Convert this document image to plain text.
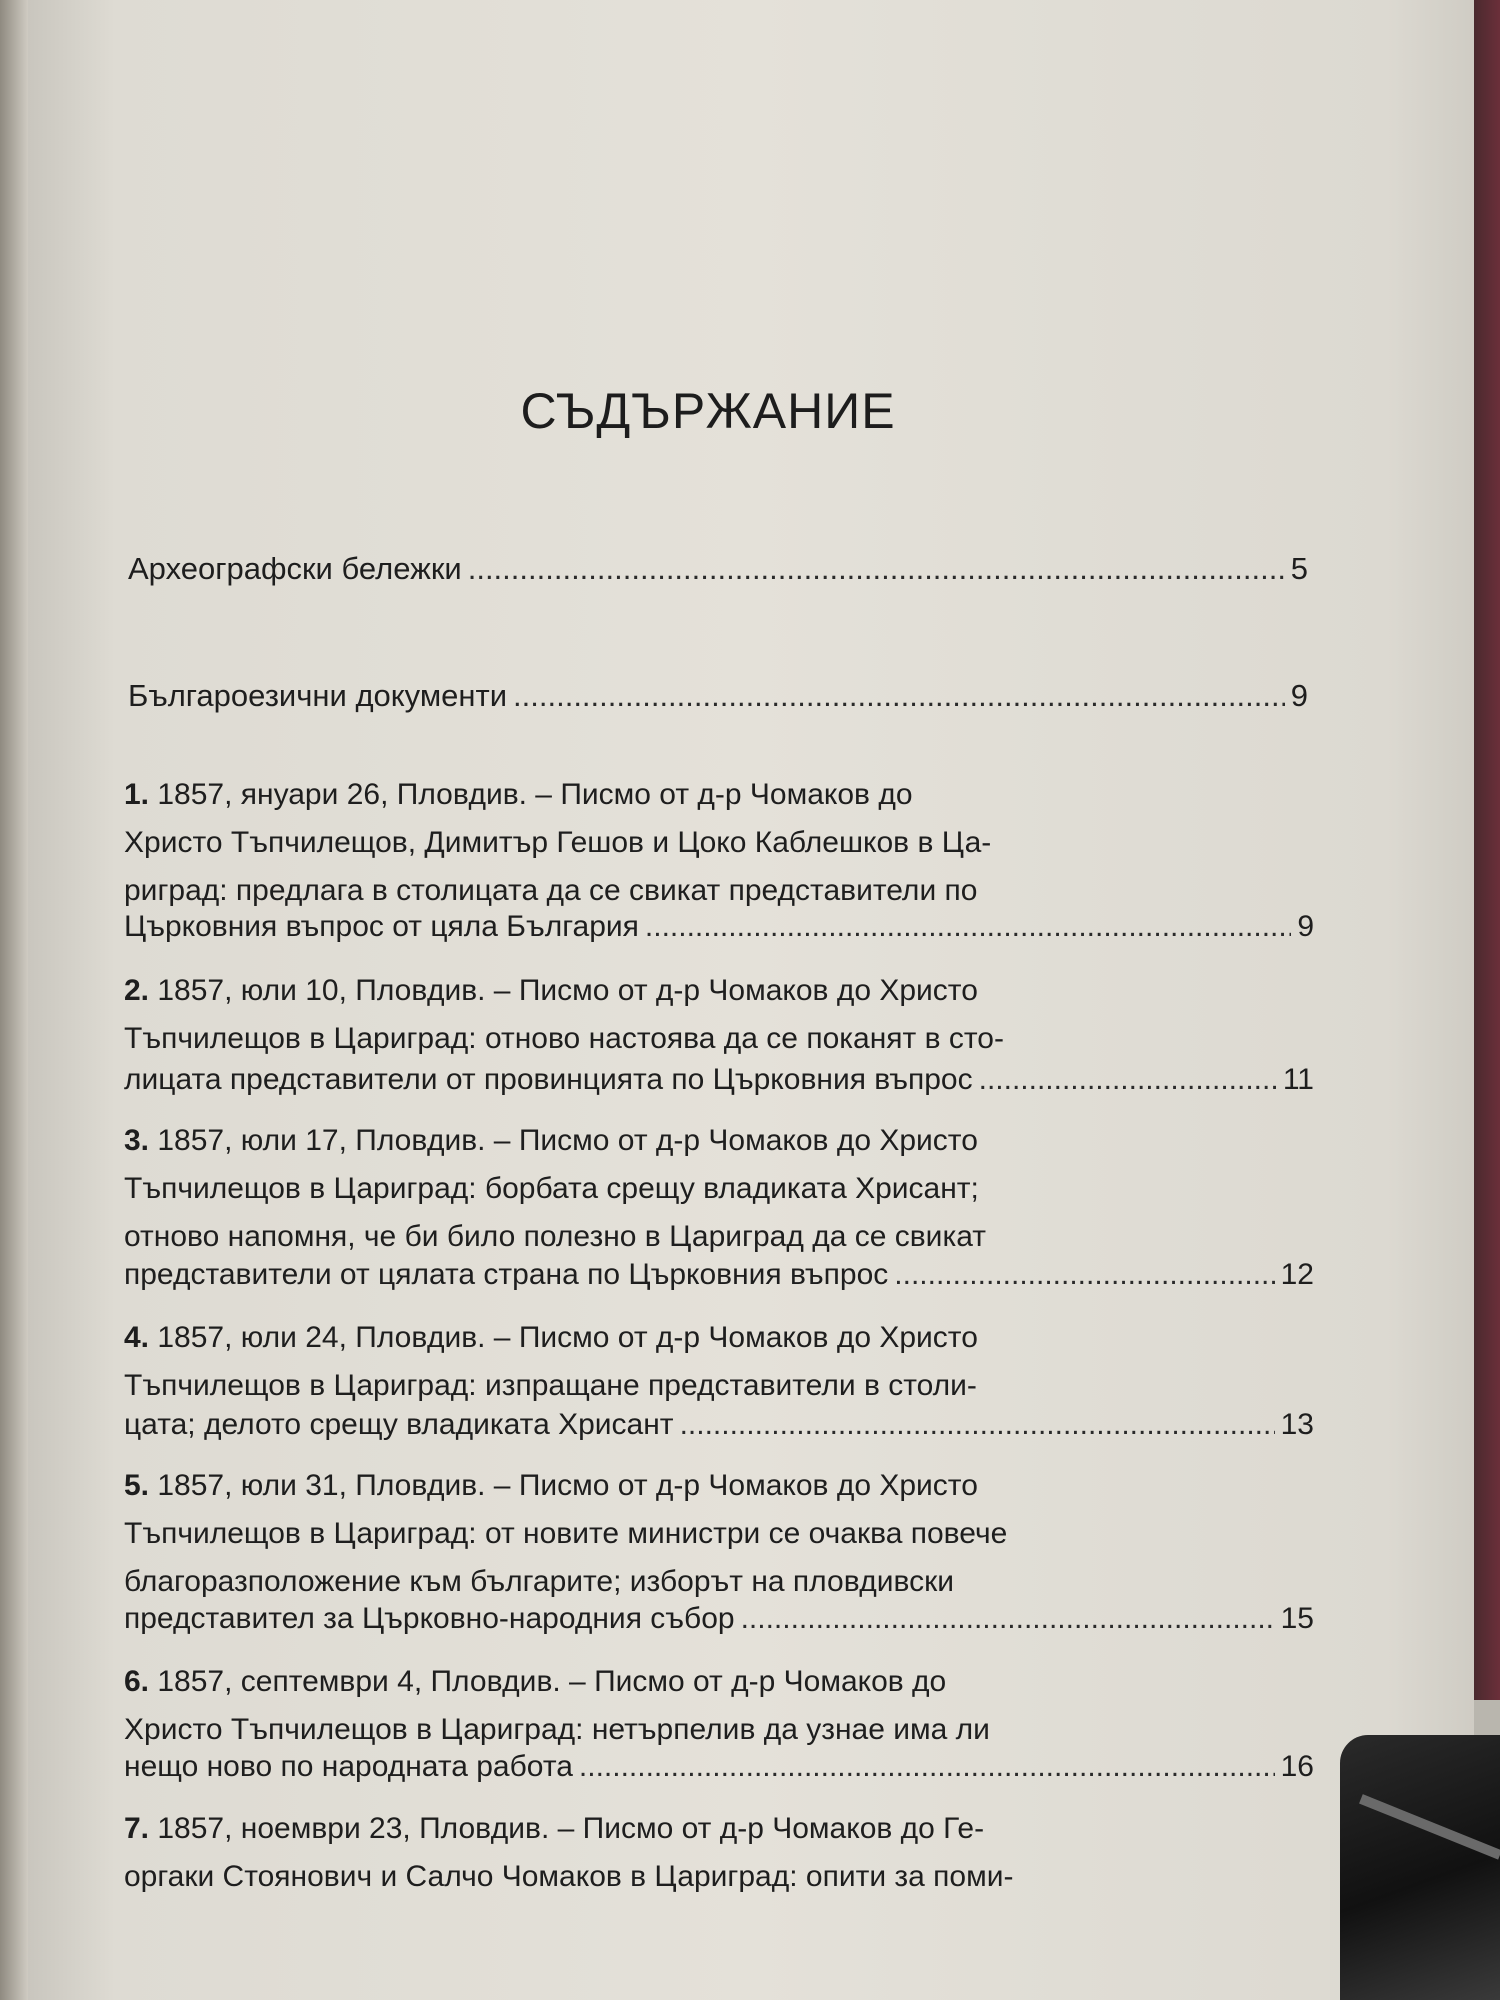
СЪДЪРЖАНИЕ
Археографски бележки .....	5
Българоезични документи .....	9
1. 1857, януари 26, Пловдив. – Писмо от д-р Чомаков до
Христо Тъпчилещов, Димитър Гешов и Цоко Каблешков в Ца-
риград: предлага в столицата да се свикат представители по
Църковния въпрос от цяла България .....	9
2. 1857, юли 10, Пловдив. – Писмо от д-р Чомаков до Христо
Тъпчилещов в Цариград: отново настоява да се поканят в сто-
лицата представители от провинцията по Църковния въпрос .....	11
3. 1857, юли 17, Пловдив. – Писмо от д-р Чомаков до Христо
Тъпчилещов в Цариград: борбата срещу владиката Хрисант;
отново напомня, че би било полезно в Цариград да се свикат
представители от цялата страна по Църковния въпрос .....	12
4. 1857, юли 24, Пловдив. – Писмо от д-р Чомаков до Христо
Тъпчилещов в Цариград: изпращане представители в столи-
цата; делото срещу владиката Хрисант .....	13
5. 1857, юли 31, Пловдив. – Писмо от д-р Чомаков до Христо
Тъпчилещов в Цариград: от новите министри се очаква повече
благоразположение към българите; изборът на пловдивски
представител за Църковно-народния събор .....	15
6. 1857, септември 4, Пловдив. – Писмо от д-р Чомаков до
Христо Тъпчилещов в Цариград: нетърпелив да узнае има ли
нещо ново по народната работа .....	16
7. 1857, ноември 23, Пловдив. – Писмо от д-р Чомаков до Ге-
оргаки Стоянович и Салчо Чомаков в Цариград: опити за поми-
